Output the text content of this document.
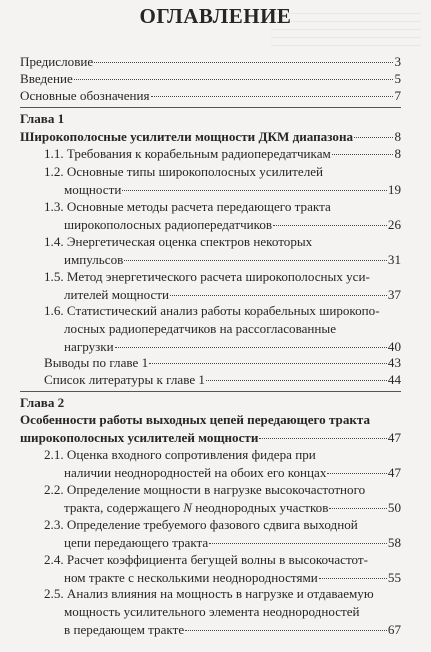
ОГЛАВЛЕНИЕ
Предисловие	3
Введение	5
Основные обозначения	7
Глава 1
Широкополосные усилители мощности ДКМ диапазона	8
1.1. Требования к корабельным радиопередатчикам	8
1.2. Основные типы широкополосных усилителей
мощности	19
1.3. Основные методы расчета передающего тракта
широкополосных радиопередатчиков	26
1.4. Энергетическая оценка спектров некоторых
импульсов	31
1.5. Метод энергетического расчета широкополосных уси-
лителей мощности	37
1.6. Статистический анализ работы корабельных широкопо-
лосных радиопередатчиков на рассогласованные
нагрузки	40
Выводы по главе 1	43
Список литературы к главе 1	44
Глава 2
Особенности работы выходных цепей передающего тракта
широкополосных усилителей мощности	47
2.1. Оценка входного сопротивления фидера при
наличии неоднородностей на обоих его концах	47
2.2. Определение мощности в нагрузке высокочастотного
тракта, содержащего N неоднородных участков	50
2.3. Определение требуемого фазового сдвига выходной
цепи передающего тракта	58
2.4. Расчет коэффициента бегущей волны в высокочастот-
ном тракте с несколькими неоднородностями	55
2.5. Анализ влияния на мощность в нагрузке и отдаваемую
мощность усилительного элемента неоднородностей
в передающем тракте	67
